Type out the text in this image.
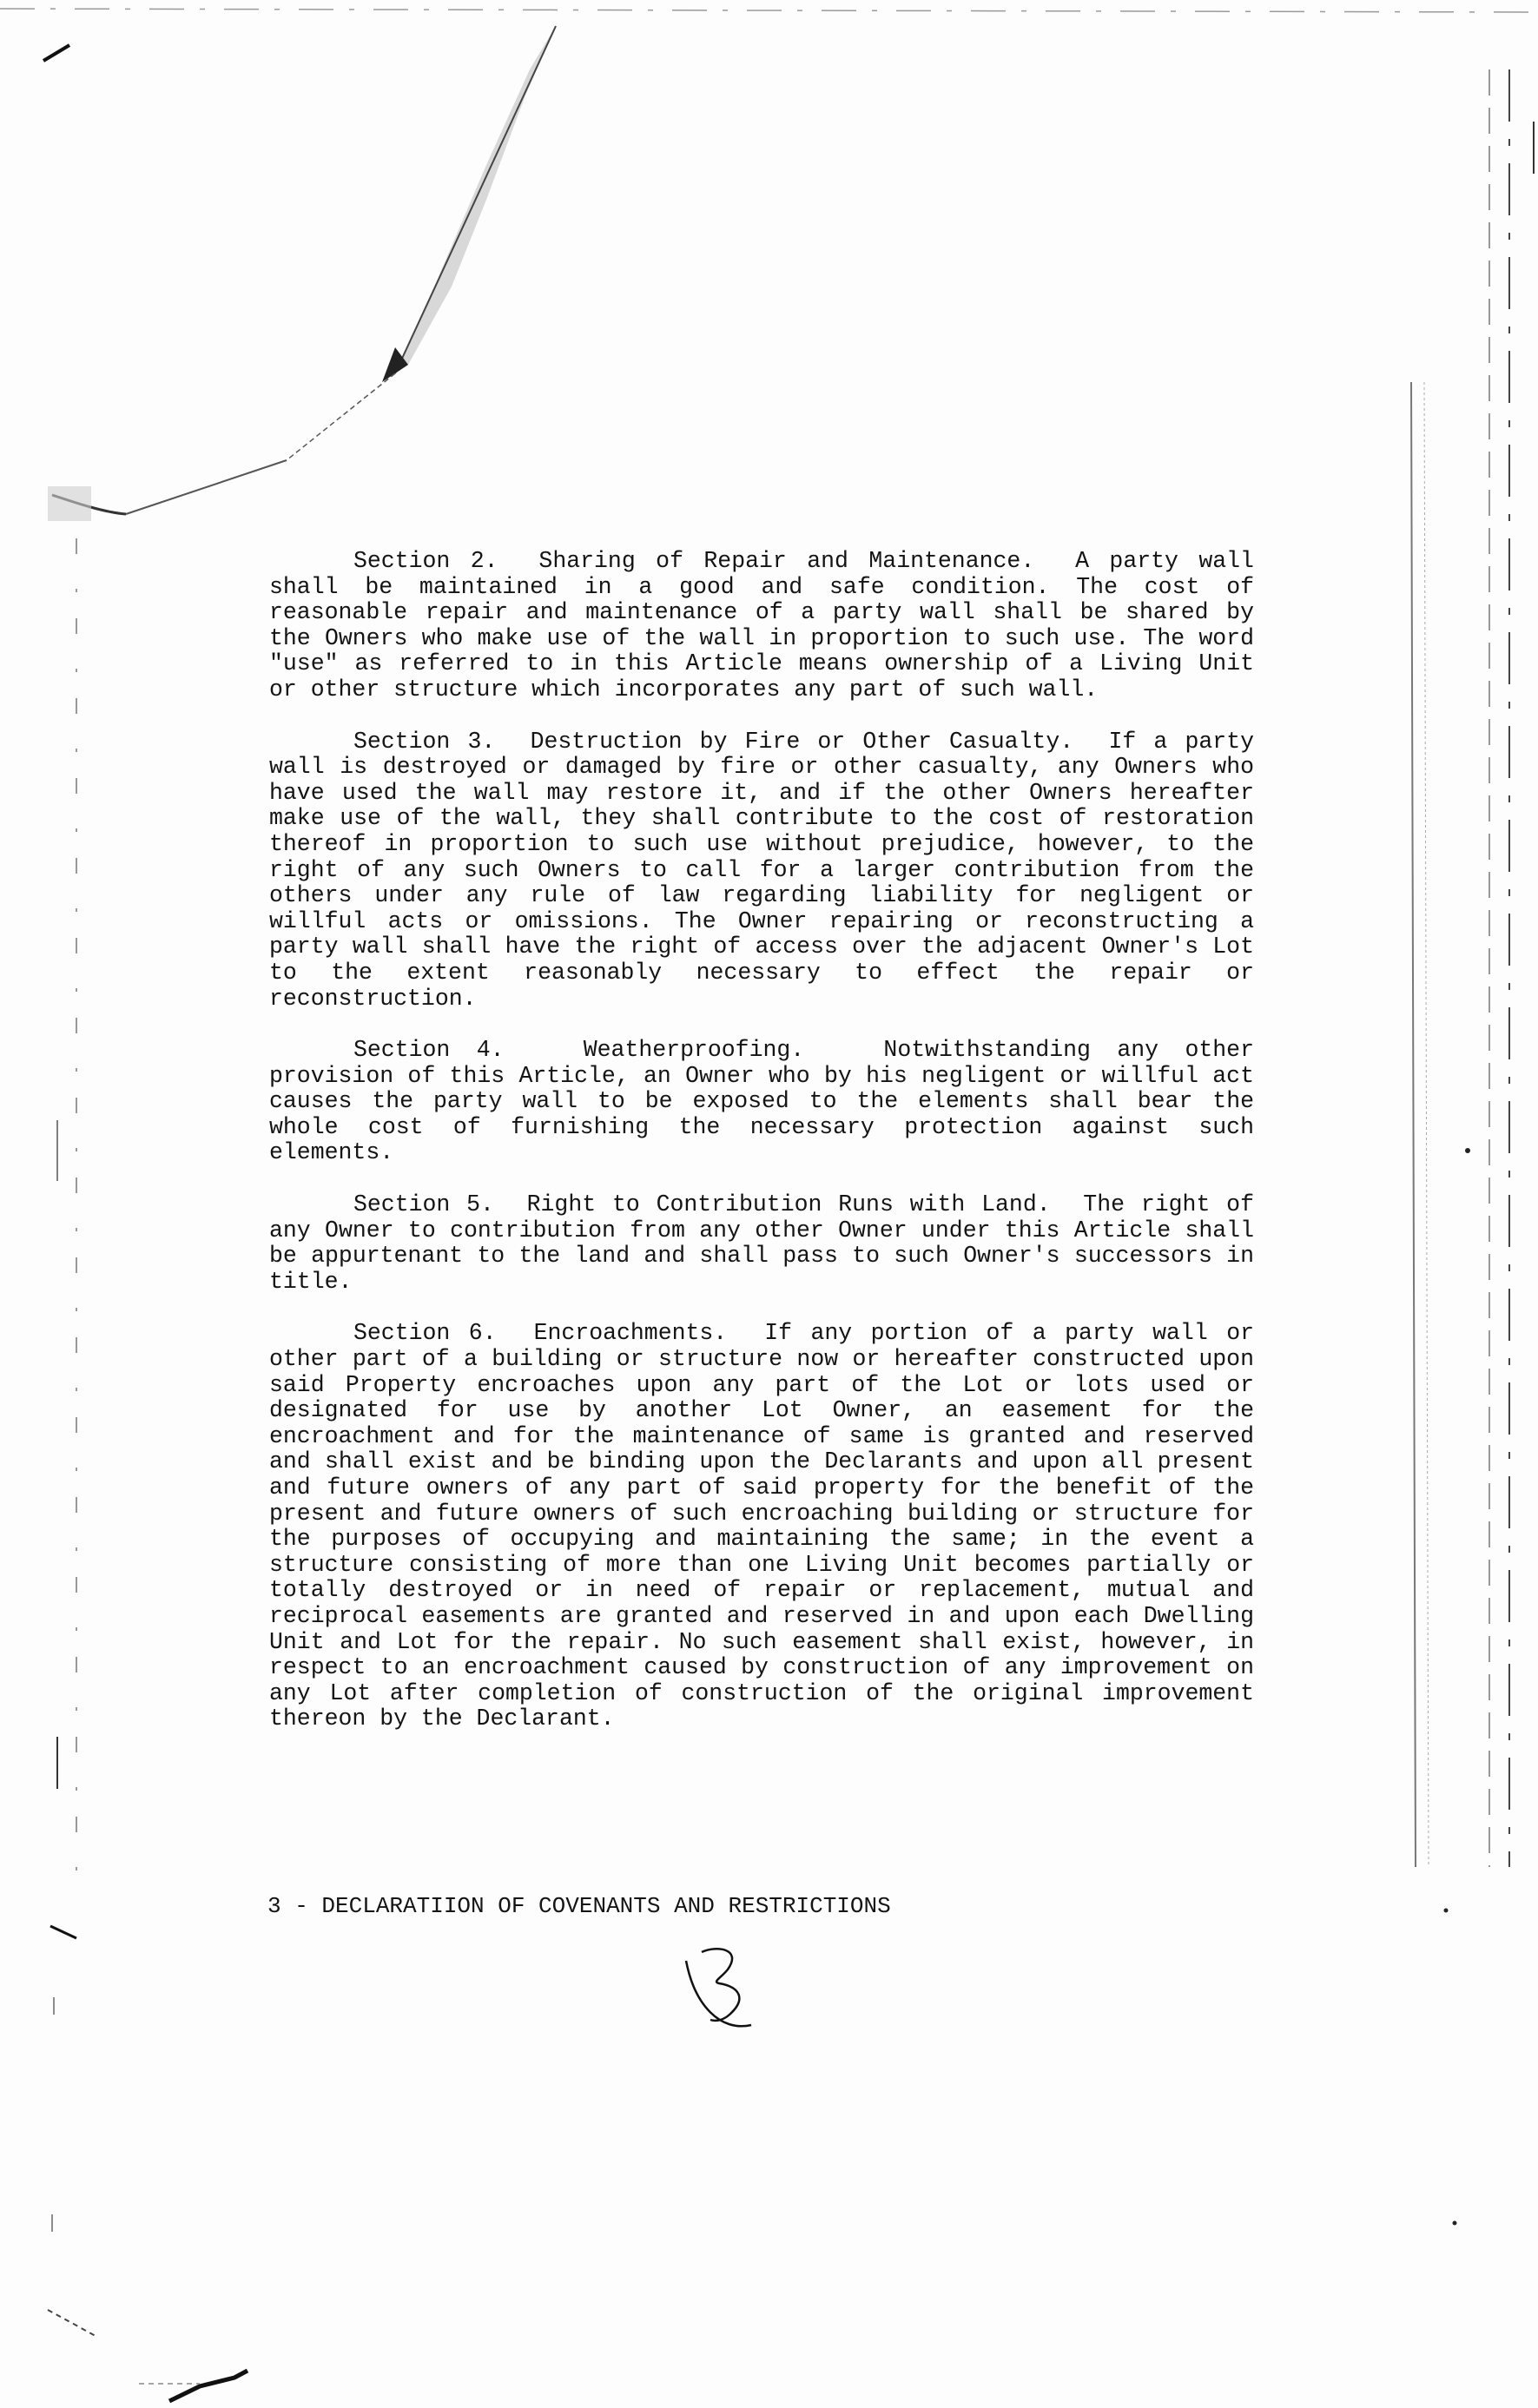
Section 2. Sharing of Repair and Maintenance. A party wall shall be maintained in a good and safe condition. The cost of reasonable repair and maintenance of a party wall shall be shared by the Owners who make use of the wall in proportion to such use. The word "use" as referred to in this Article means ownership of a Living Unit or other structure which incorporates any part of such wall.

Section 3. Destruction by Fire or Other Casualty. If a party wall is destroyed or damaged by fire or other casualty, any Owners who have used the wall may restore it, and if the other Owners hereafter make use of the wall, they shall contribute to the cost of restoration thereof in proportion to such use without prejudice, however, to the right of any such Owners to call for a larger contribution from the others under any rule of law regarding liability for negligent or willful acts or omissions. The Owner repairing or reconstructing a party wall shall have the right of access over the adjacent Owner's Lot to the extent reasonably necessary to effect the repair or reconstruction.

Section 4.	Weatherproofing.	Notwithstanding any other provision of this Article, an Owner who by his negligent or willful act causes the party wall to be exposed to the elements shall bear the whole cost of furnishing the necessary protection against such elements.

Section 5. Right to Contribution Runs with Land. The right of any Owner to contribution from any other Owner under this Article shall be appurtenant to the land and shall pass to such Owner's successors in title.

Section 6. Encroachments. If any portion of a party wall or other part of a building or structure now or hereafter constructed upon said Property encroaches upon any part of the Lot or lots used or designated for use by another Lot Owner, an easement for the encroachment and for the maintenance of same is granted and reserved and shall exist and be binding upon the Declarants and upon all present and future owners of any part of said property for the benefit of the present and future owners of such encroaching building or structure for the purposes of occupying and maintaining the same; in the event a structure consisting of more than one Living Unit becomes partially or totally destroyed or in need of repair or replacement, mutual and reciprocal easements are granted and reserved in and upon each Dwelling Unit and Lot for the repair. No such easement shall exist, however, in respect to an encroachment caused by construction of any improvement on any Lot after completion of construction of the original improvement thereon by the Declarant.

3 - DECLARATIION OF COVENANTS AND RESTRICTIONS
